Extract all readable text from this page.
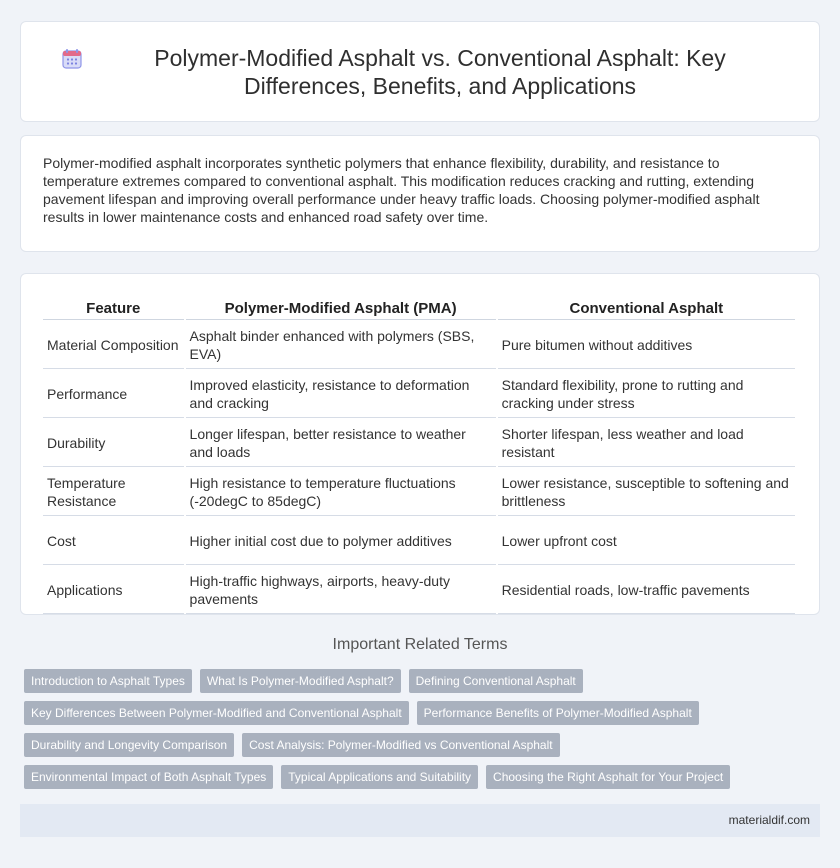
Polymer-Modified Asphalt vs. Conventional Asphalt: Key Differences, Benefits, and Applications

Polymer-modified asphalt incorporates synthetic polymers that enhance flexibility, durability, and resistance to temperature extremes compared to conventional asphalt. This modification reduces cracking and rutting, extending pavement lifespan and improving overall performance under heavy traffic loads. Choosing polymer-modified asphalt results in lower maintenance costs and enhanced road safety over time.

Feature	Polymer-Modified Asphalt (PMA)	Conventional Asphalt
Material Composition	Asphalt binder enhanced with polymers (SBS, EVA)	Pure bitumen without additives
Performance	Improved elasticity, resistance to deformation and cracking	Standard flexibility, prone to rutting and cracking under stress
Durability	Longer lifespan, better resistance to weather and loads	Shorter lifespan, less weather and load resistant
Temperature Resistance	High resistance to temperature fluctuations (-20degC to 85degC)	Lower resistance, susceptible to softening and brittleness
Cost	Higher initial cost due to polymer additives	Lower upfront cost
Applications	High-traffic highways, airports, heavy-duty pavements	Residential roads, low-traffic pavements
Important Related Terms
Introduction to Asphalt Types	What Is Polymer-Modified Asphalt?	Defining Conventional Asphalt
Key Differences Between Polymer-Modified and Conventional Asphalt	Performance Benefits of Polymer-Modified Asphalt
Durability and Longevity Comparison	Cost Analysis: Polymer-Modified vs Conventional Asphalt
Environmental Impact of Both Asphalt Types	Typical Applications and Suitability	Choosing the Right Asphalt for Your Project
materialdif.com
